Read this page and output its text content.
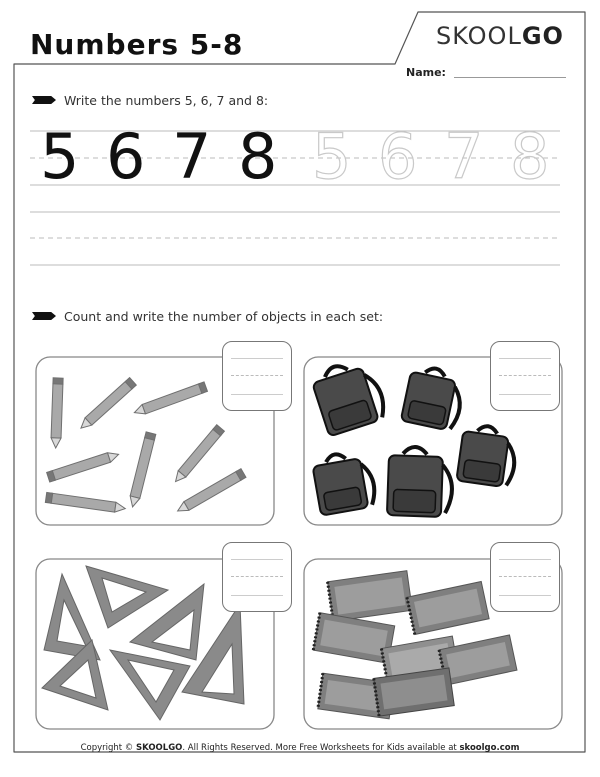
Numbers 5-8	SKOOLGO
Name:
Write the numbers 5, 6, 7 and 8:
5 6 7 8 5 6 7 8
Count and write the number of objects in each set:
Copyright © SKOOLGO. All Rights Reserved. More Free Worksheets for Kids available at skoolgo.com
